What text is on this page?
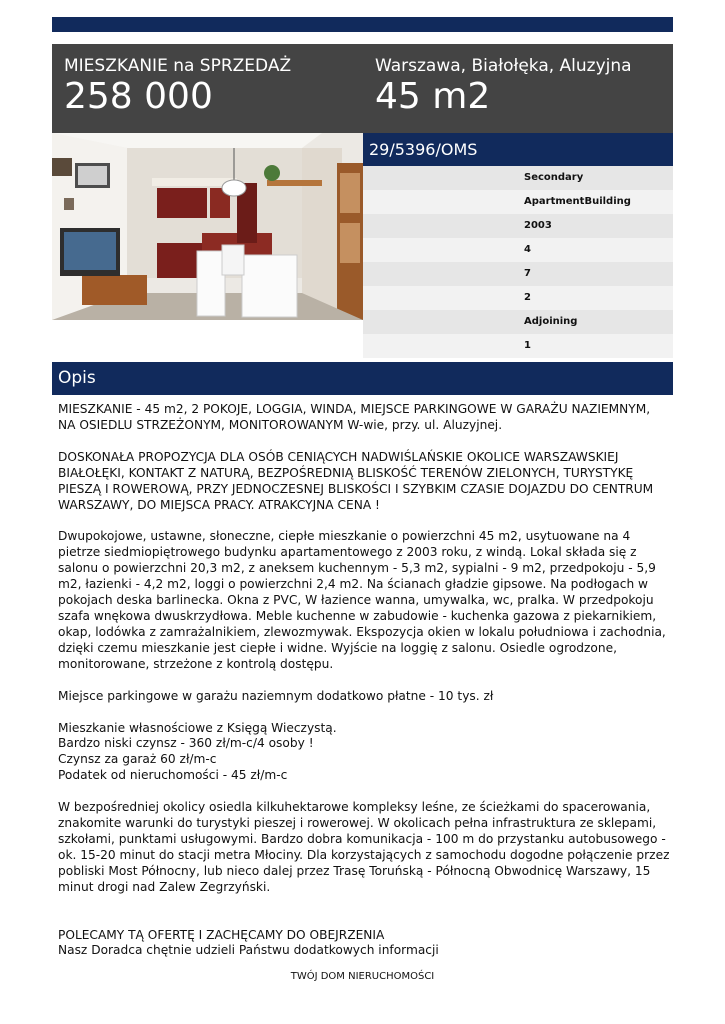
MIESZKANIE na SPRZEDAŻ
258 000
Warszawa, Białołęka, Aluzyjna
45 m2
29/5396/OMS
Secondary
ApartmentBuilding
2003
4
7
2
Adjoining
1
Opis

MIESZKANIE - 45 m2, 2 POKOJE, LOGGIA, WINDA, MIEJSCE PARKINGOWE W GARAŻU NAZIEMNYM, NA OSIEDLU STRZEŻONYM, MONITOROWANYM W-wie, przy. ul. Aluzyjnej.

DOSKONAŁA PROPOZYCJA DLA OSÓB CENIĄCYCH NADWIŚLAŃSKIE OKOLICE WARSZAWSKIEJ BIAŁOŁĘKI, KONTAKT Z NATURĄ, BEZPOŚREDNIĄ BLISKOŚĆ TERENÓW ZIELONYCH, TURYSTYKĘ PIESZĄ I ROWEROWĄ, PRZY JEDNOCZESNEJ BLISKOŚCI I SZYBKIM CZASIE DOJAZDU DO CENTRUM WARSZAWY, DO MIEJSCA PRACY. ATRAKCYJNA CENA !

Dwupokojowe, ustawne, słoneczne, ciepłe mieszkanie o powierzchni 45 m2, usytuowane na 4 pietrze siedmiopiętrowego budynku apartamentowego z 2003 roku, z windą. Lokal składa się z salonu o powierzchni 20,3 m2, z aneksem kuchennym - 5,3 m2, sypialni - 9 m2, przedpokoju - 5,9 m2, łazienki - 4,2 m2, loggi o powierzchni 2,4 m2. Na ścianach gładzie gipsowe. Na podłogach w pokojach deska barlinecka. Okna z PVC, W łazience wanna, umywalka, wc, pralka. W przedpokoju szafa wnękowa dwuskrzydłowa. Meble kuchenne w zabudowie - kuchenka gazowa z piekarnikiem, okap, lodówka z zamrażalnikiem, zlewozmywak. Ekspozycja okien w lokalu południowa i zachodnia, dzięki czemu mieszkanie jest ciepłe i widne. Wyjście na loggię z salonu. Osiedle ogrodzone, monitorowane, strzeżone z kontrolą dostępu.

Miejsce parkingowe w garażu naziemnym dodatkowo płatne - 10 tys. zł

Mieszkanie własnościowe z Księgą Wieczystą.

Bardzo niski czynsz - 360 zł/m-c/4 osoby !

Czynsz za garaż 60 zł/m-c

Podatek od nieruchomości - 45 zł/m-c

W bezpośredniej okolicy osiedla kilkuhektarowe kompleksy leśne, ze ścieżkami do spacerowania, znakomite warunki do turystyki pieszej i rowerowej. W okolicach pełna infrastruktura ze sklepami, szkołami, punktami usługowymi. Bardzo dobra komunikacja - 100 m do przystanku autobusowego - ok. 15-20 minut do stacji metra Młociny. Dla korzystających z samochodu dogodne połączenie przez pobliski Most Północny, lub nieco dalej przez Trasę Toruńską - Północną Obwodnicę Warszawy, 15 minut drogi nad Zalew Zegrzyński.

POLECAMY TĄ OFERTĘ I ZACHĘCAMY DO OBEJRZENIA

Nasz Doradca chętnie udzieli Państwu dodatkowych informacji

TWÓJ DOM NIERUCHOMOŚCI
